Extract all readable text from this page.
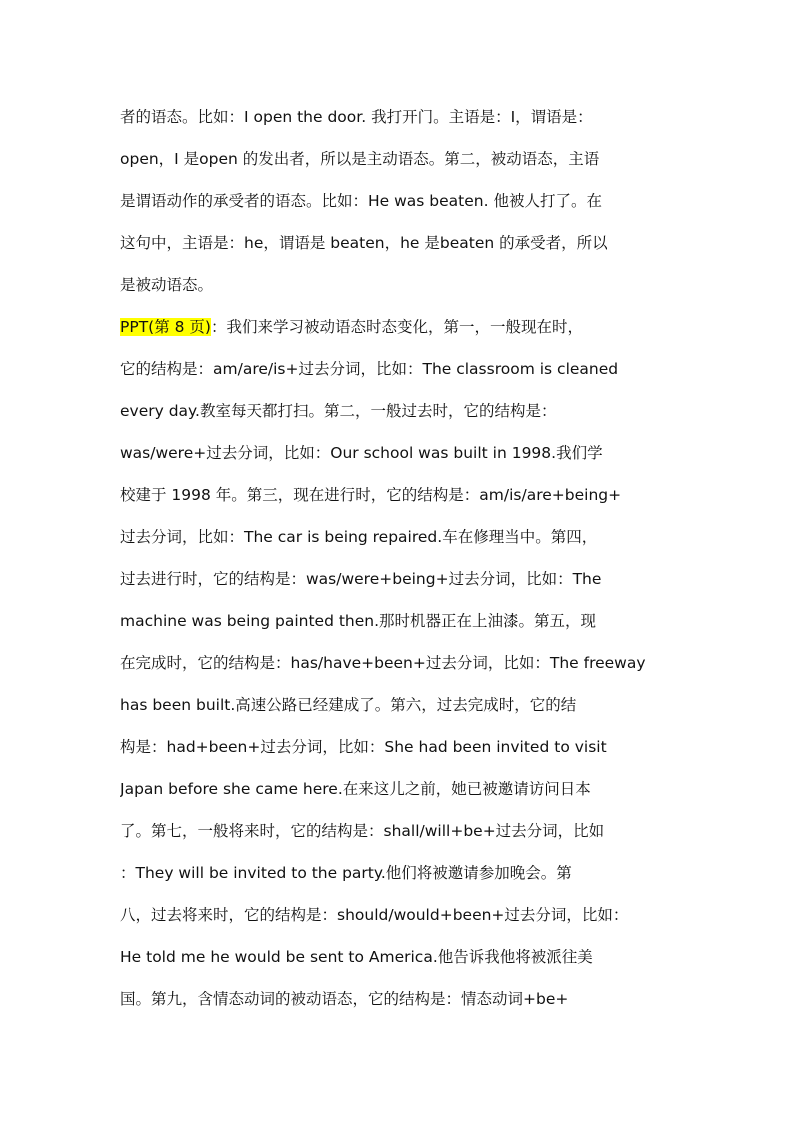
者的语态。比如：I open the door. 我打开门。主语是：I，谓语是：
open，I 是open 的发出者，所以是主动语态。第二，被动语态，主语
是谓语动作的承受者的语态。比如：He was beaten. 他被人打了。在
这句中，主语是：he，谓语是 beaten，he 是beaten 的承受者，所以
是被动语态。
PPT(第 8 页)：我们来学习被动语态时态变化，第一，一般现在时，
它的结构是：am/are/is+过去分词，比如：The classroom is cleaned
every day.教室每天都打扫。第二，一般过去时，它的结构是：
was/were+过去分词，比如：Our school was built in 1998.我们学
校建于 1998 年。第三，现在进行时，它的结构是：am/is/are+being+
过去分词，比如：The car is being repaired.车在修理当中。第四，
过去进行时，它的结构是：was/were+being+过去分词，比如：The
machine was being painted then.那时机器正在上油漆。第五，现
在完成时，它的结构是：has/have+been+过去分词，比如：The freeway
has been built.高速公路已经建成了。第六，过去完成时，它的结
构是：had+been+过去分词，比如：She had been invited to visit
Japan before she came here.在来这儿之前，她已被邀请访问日本
了。第七，一般将来时，它的结构是：shall/will+be+过去分词，比如
：They will be invited to the party.他们将被邀请参加晚会。第
八，过去将来时，它的结构是：should/would+been+过去分词，比如：
He told me he would be sent to America.他告诉我他将被派往美
国。第九，含情态动词的被动语态，它的结构是：情态动词+be+
